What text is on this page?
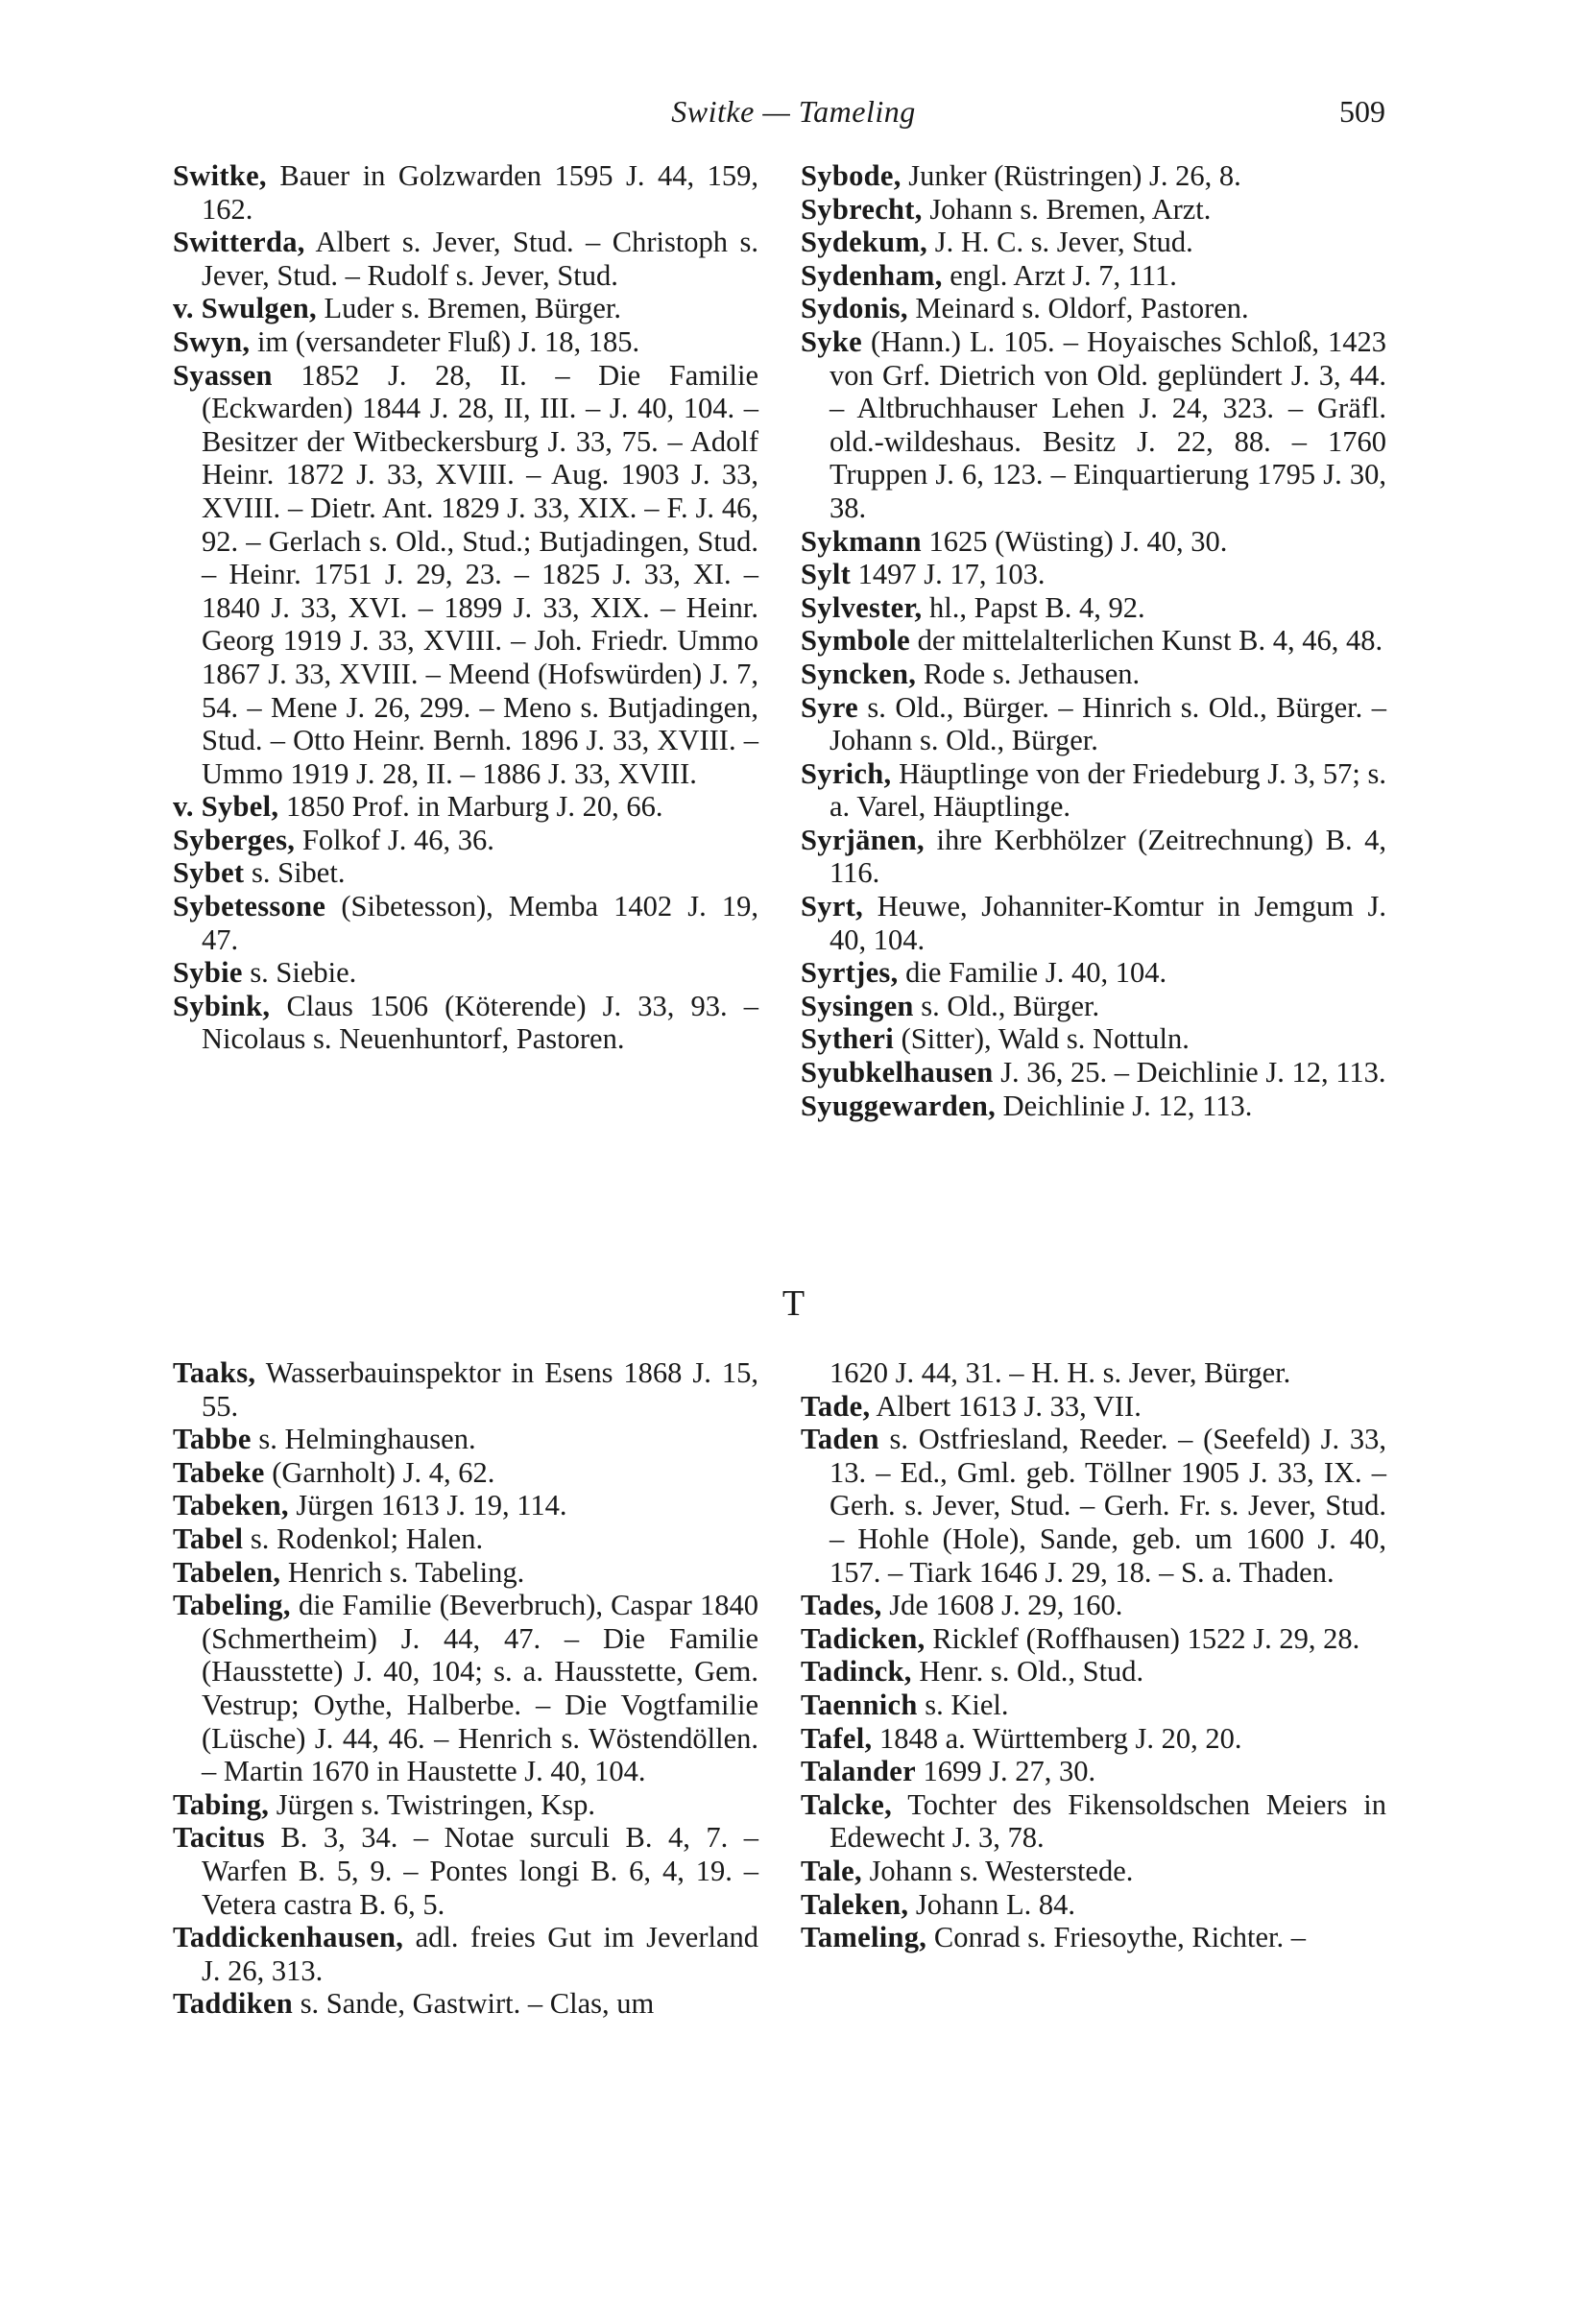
Switke — Tameling	509

Switke, Bauer in Golzwarden 1595 J. 44, 159, 162.

Switterda, Albert s. Jever, Stud. – Christoph s. Jever, Stud. – Rudolf s. Jever, Stud.

v. Swulgen, Luder s. Bremen, Bürger.

Swyn, im (versandeter Fluß) J. 18, 185.

Syassen 1852 J. 28, II. – Die Familie (Eckwarden) 1844 J. 28, II, III. – J. 40, 104. – Besitzer der Witbeckersburg J. 33, 75. – Adolf Heinr. 1872 J. 33, XVIII. – Aug. 1903 J. 33, XVIII. – Dietr. Ant. 1829 J. 33, XIX. – F. J. 46, 92. – Gerlach s. Old., Stud.; Butjadingen, Stud. – Heinr. 1751 J. 29, 23. – 1825 J. 33, XI. – 1840 J. 33, XVI. – 1899 J. 33, XIX. – Heinr. Georg 1919 J. 33, XVIII. – Joh. Friedr. Ummo 1867 J. 33, XVIII. – Meend (Hofswürden) J. 7, 54. – Mene J. 26, 299. – Meno s. Butjadingen, Stud. – Otto Heinr. Bernh. 1896 J. 33, XVIII. – Ummo 1919 J. 28, II. – 1886 J. 33, XVIII.

v. Sybel, 1850 Prof. in Marburg J. 20, 66.

Syberges, Folkof J. 46, 36.

Sybet s. Sibet.

Sybetessone (Sibetesson), Memba 1402 J. 19, 47.

Sybie s. Siebie.

Sybink, Claus 1506 (Köterende) J. 33, 93. – Nicolaus s. Neuenhuntorf, Pastoren.

Sybode, Junker (Rüstringen) J. 26, 8.

Sybrecht, Johann s. Bremen, Arzt.

Sydekum, J. H. C. s. Jever, Stud.

Sydenham, engl. Arzt J. 7, 111.

Sydonis, Meinard s. Oldorf, Pastoren.

Syke (Hann.) L. 105. – Hoyaisches Schloß, 1423 von Grf. Dietrich von Old. geplündert J. 3, 44. – Altbruchhauser Lehen J. 24, 323. – Gräfl. old.-wildeshaus. Besitz J. 22, 88. – 1760 Truppen J. 6, 123. – Einquartierung 1795 J. 30, 38.

Sykmann 1625 (Wüsting) J. 40, 30.

Sylt 1497 J. 17, 103.

Sylvester, hl., Papst B. 4, 92.

Symbole der mittelalterlichen Kunst B. 4, 46, 48.

Syncken, Rode s. Jethausen.

Syre s. Old., Bürger. – Hinrich s. Old., Bürger. – Johann s. Old., Bürger.

Syrich, Häuptlinge von der Friedeburg J. 3, 57; s. a. Varel, Häuptlinge.

Syrjänen, ihre Kerbhölzer (Zeitrechnung) B. 4, 116.

Syrt, Heuwe, Johanniter-Komtur in Jemgum J. 40, 104.

Syrtjes, die Familie J. 40, 104.

Sysingen s. Old., Bürger.

Sytheri (Sitter), Wald s. Nottuln.

Syubkelhausen J. 36, 25. – Deichlinie J. 12, 113.

Syuggewarden, Deichlinie J. 12, 113.

T

Taaks, Wasserbauinspektor in Esens 1868 J. 15, 55.

Tabbe s. Helminghausen.

Tabeke (Garnholt) J. 4, 62.

Tabeken, Jürgen 1613 J. 19, 114.

Tabel s. Rodenkol; Halen.

Tabelen, Henrich s. Tabeling.

Tabeling, die Familie (Beverbruch), Caspar 1840 (Schmertheim) J. 44, 47. – Die Familie (Hausstette) J. 40, 104; s. a. Hausstette, Gem. Vestrup; Oythe, Halberbe. – Die Vogtfamilie (Lüsche) J. 44, 46. – Henrich s. Wöstendöllen. – Martin 1670 in Haustette J. 40, 104.

Tabing, Jürgen s. Twistringen, Ksp.

Tacitus B. 3, 34. – Notae surculi B. 4, 7. – Warfen B. 5, 9. – Pontes longi B. 6, 4, 19. – Vetera castra B. 6, 5.

Taddickenhausen, adl. freies Gut im Jeverland J. 26, 313.

Taddiken s. Sande, Gastwirt. – Clas, um

1620 J. 44, 31. – H. H. s. Jever, Bürger.

Tade, Albert 1613 J. 33, VII.

Taden s. Ostfriesland, Reeder. – (Seefeld) J. 33, 13. – Ed., Gml. geb. Töllner 1905 J. 33, IX. – Gerh. s. Jever, Stud. – Gerh. Fr. s. Jever, Stud. – Hohle (Hole), Sande, geb. um 1600 J. 40, 157. – Tiark 1646 J. 29, 18. – S. a. Thaden.

Tades, Jde 1608 J. 29, 160.

Tadicken, Ricklef (Roffhausen) 1522 J. 29, 28.

Tadinck, Henr. s. Old., Stud.

Taennich s. Kiel.

Tafel, 1848 a. Württemberg J. 20, 20.

Talander 1699 J. 27, 30.

Talcke, Tochter des Fikensoldschen Meiers in Edewecht J. 3, 78.

Tale, Johann s. Westerstede.

Taleken, Johann L. 84.

Tameling, Conrad s. Friesoythe, Richter. –
